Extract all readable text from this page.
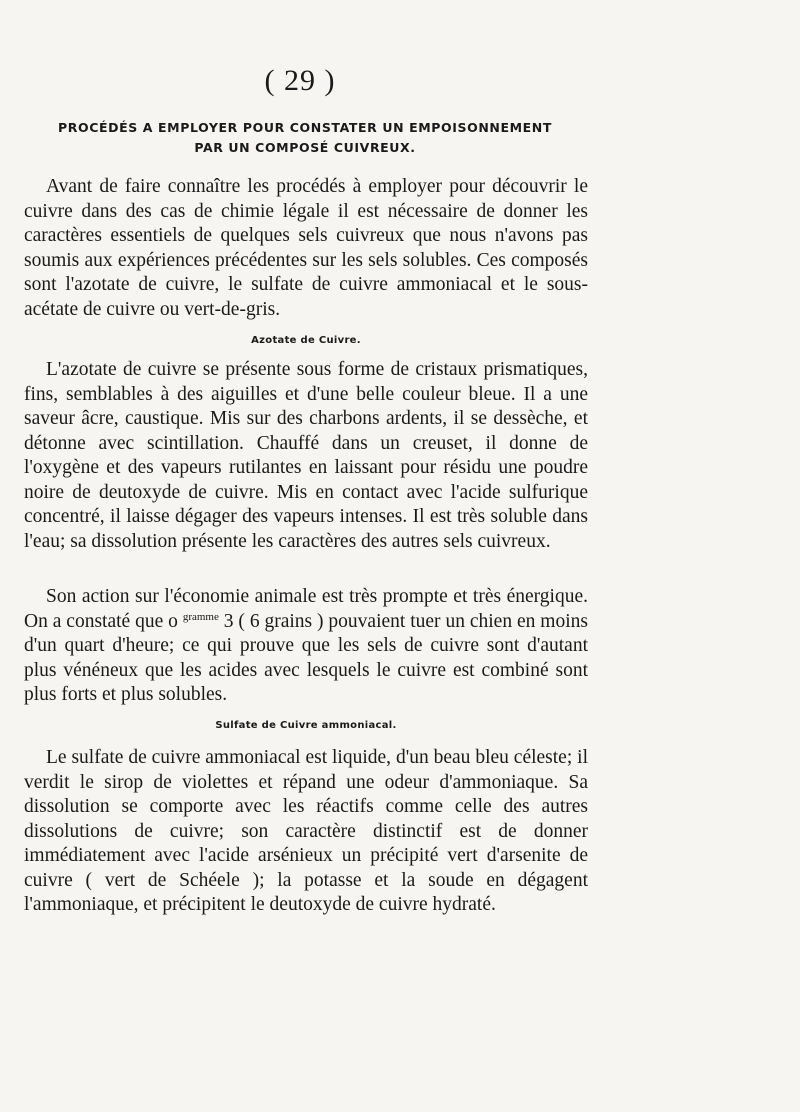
( 29 )
PROCÉDÉS A EMPLOYER POUR CONSTATER UN EMPOISONNEMENT
PAR UN COMPOSÉ CUIVREUX.

Avant de faire connaître les procédés à employer pour découvrir le cuivre dans des cas de chimie légale il est nécessaire de donner les caractères essentiels de quelques sels cuivreux que nous n'avons pas soumis aux expériences précédentes sur les sels solubles. Ces composés sont l'azotate de cuivre, le sulfate de cuivre ammoniacal et le sous-acétate de cuivre ou vert-de-gris.

Azotate de Cuivre.

L'azotate de cuivre se présente sous forme de cristaux prismatiques, fins, semblables à des aiguilles et d'une belle couleur bleue. Il a une saveur âcre, caustique. Mis sur des charbons ardents, il se dessèche, et détonne avec scintillation. Chauffé dans un creuset, il donne de l'oxygène et des vapeurs rutilantes en laissant pour résidu une poudre noire de deutoxyde de cuivre. Mis en contact avec l'acide sulfurique concentré, il laisse dégager des vapeurs intenses. Il est très soluble dans l'eau; sa dissolution présente les caractères des autres sels cuivreux.

Son action sur l'économie animale est très prompte et très énergique. On a constaté que o $^{gramme}$ 3 ( 6 grains ) pouvaient tuer un chien en moins d'un quart d'heure; ce qui prouve que les sels de cuivre sont d'autant plus vénéneux que les acides avec lesquels le cuivre est combiné sont plus forts et plus solubles.

Sulfate de Cuivre ammoniacal.

Le sulfate de cuivre ammoniacal est liquide, d'un beau bleu céleste; il verdit le sirop de violettes et répand une odeur d'ammoniaque. Sa dissolution se comporte avec les réactifs comme celle des autres dissolutions de cuivre; son caractère distinctif est de donner immédiatement avec l'acide arsénieux un précipité vert d'arsenite de cuivre ( vert de Schéele ); la potasse et la soude en dégagent l'ammoniaque, et précipitent le deutoxyde de cuivre hydraté.
